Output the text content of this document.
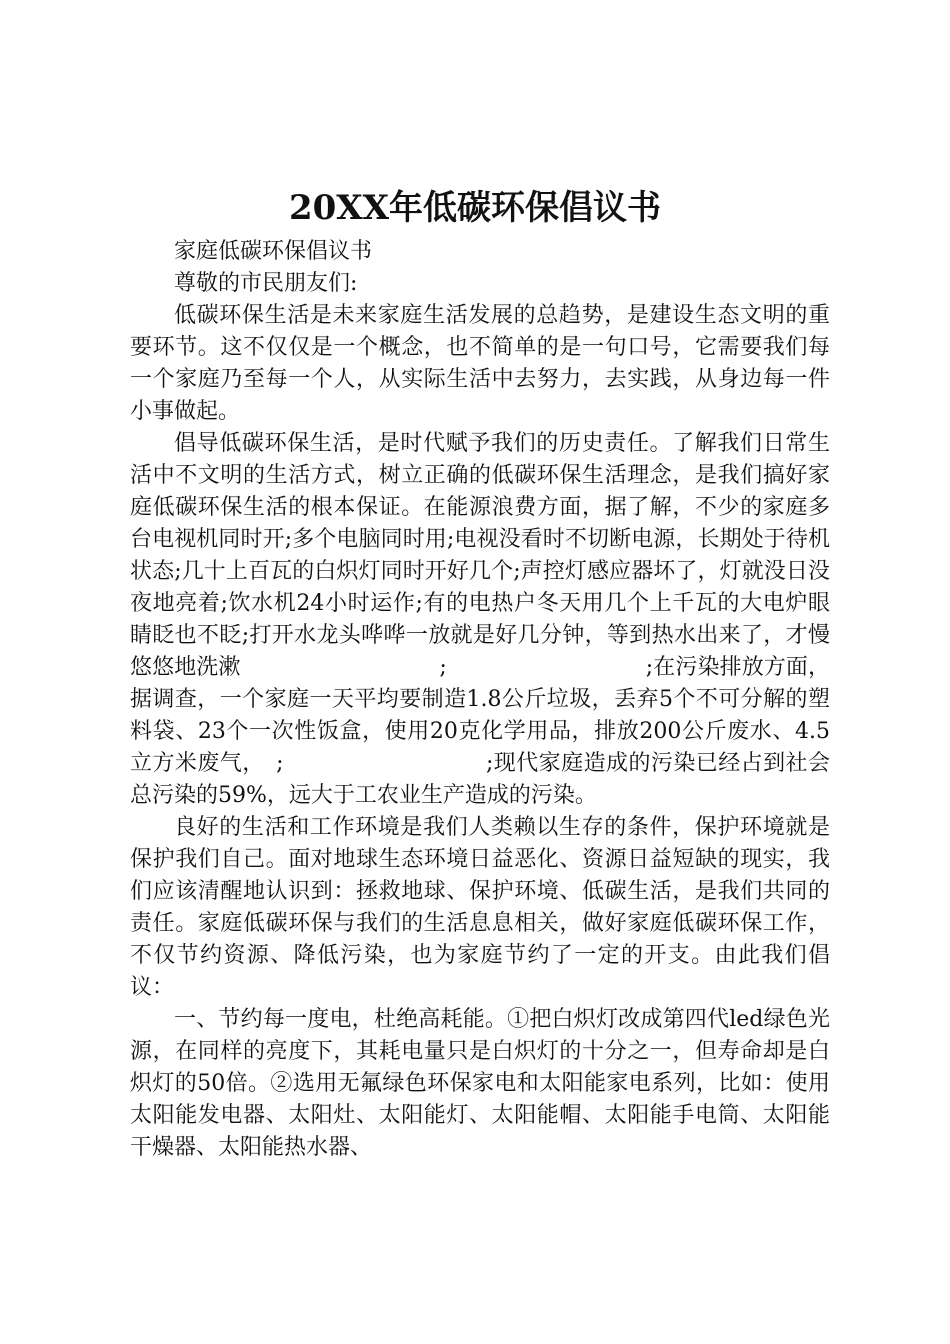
20XX年低碳环保倡议书

家庭低碳环保倡议书

尊敬的市民朋友们:

低碳环保生活是未来家庭生活发展的总趋势，是建设生态文明的重要环节。这不仅仅是一个概念，也不简单的是一句口号，它需要我们每一个家庭乃至每一个人，从实际生活中去努力，去实践，从身边每一件小事做起。

倡导低碳环保生活，是时代赋予我们的历史责任。了解我们日常生活中不文明的生活方式，树立正确的低碳环保生活理念，是我们搞好家庭低碳环保生活的根本保证。在能源浪费方面，据了解，不少的家庭多台电视机同时开;多个电脑同时用;电视没看时不切断电源，长期处于待机状态;几十上百瓦的白炽灯同时开好几个;声控灯感应器坏了，灯就没日没夜地亮着;饮水机24小时运作;有的电热户冬天用几个上千瓦的大电炉眼睛眨也不眨;打开水龙头哗哗一放就是好几分钟，等到热水出来了，才慢悠悠地洗漱　　　　　　　　　;　　　　　　　　　;在污染排放方面，据调查，一个家庭一天平均要制造1.8公斤垃圾，丢弃5个不可分解的塑料袋、23个一次性饭盒，使用20克化学用品，排放200公斤废水、4.5立方米废气，　;　　　　　　　　　;现代家庭造成的污染已经占到社会总污染的59%，远大于工农业生产造成的污染。

良好的生活和工作环境是我们人类赖以生存的条件，保护环境就是保护我们自己。面对地球生态环境日益恶化、资源日益短缺的现实，我们应该清醒地认识到：拯救地球、保护环境、低碳生活，是我们共同的责任。家庭低碳环保与我们的生活息息相关，做好家庭低碳环保工作，不仅节约资源、降低污染，也为家庭节约了一定的开支。由此我们倡议：

一、节约每一度电，杜绝高耗能。①把白炽灯改成第四代led绿色光源，在同样的亮度下，其耗电量只是白炽灯的十分之一，但寿命却是白炽灯的50倍。②选用无氟绿色环保家电和太阳能家电系列，比如：使用太阳能发电器、太阳灶、太阳能灯、太阳能帽、太阳能手电筒、太阳能干燥器、太阳能热水器、
